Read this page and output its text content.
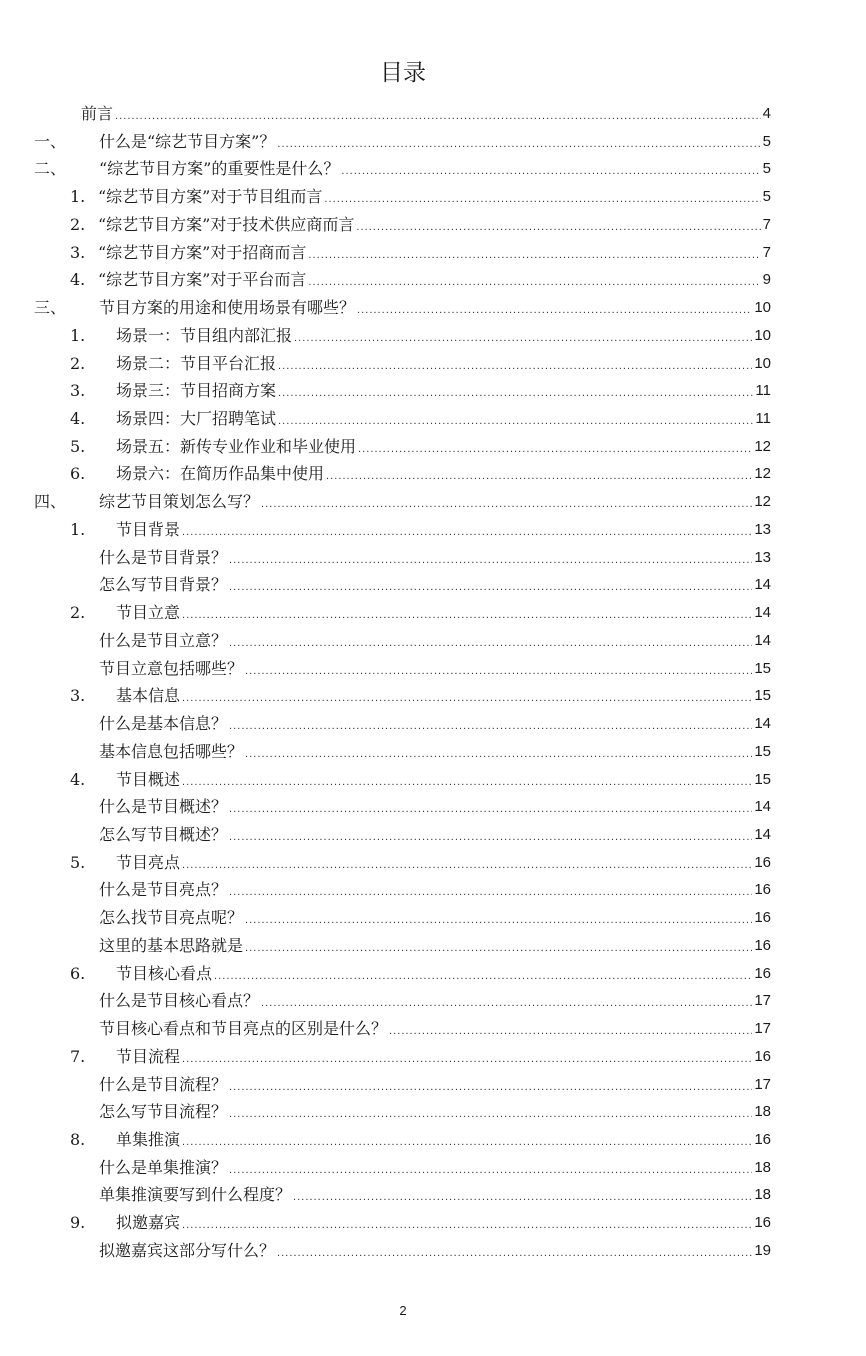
目录
前言 .....	4
一、	什么是“综艺节目方案”？ .....	5
二、	“综艺节目方案”的重要性是什么？ .....	5
1. “综艺节目方案”对于节目组而言 .....	5
2. “综艺节目方案”对于技术供应商而言 .....	7
3. “综艺节目方案”对于招商而言 .....	7
4. “综艺节目方案”对于平台而言 .....	9
三、	节目方案的用途和使用场景有哪些？ .....	10
1.	场景一：节目组内部汇报 .....	10
2.	场景二：节目平台汇报 .....	10
3.	场景三：节目招商方案 .....	11
4.	场景四：大厂招聘笔试 .....	11
5.	场景五：新传专业作业和毕业使用 .....	12
6.	场景六：在简历作品集中使用 .....	12
四、	综艺节目策划怎么写？ .....	12
1.	节目背景 .....	13
什么是节目背景？ .....	13
怎么写节目背景？ .....	14
2.	节目立意 .....	14
什么是节目立意？ .....	14
节目立意包括哪些？ .....	15
3.	基本信息 .....	15
什么是基本信息？ .....	14
基本信息包括哪些？ .....	15
4.	节目概述 .....	15
什么是节目概述？ .....	14
怎么写节目概述？ .....	14
5.	节目亮点 .....	16
什么是节目亮点？ .....	16
怎么找节目亮点呢？ .....	16
这里的基本思路就是 .....	16
6.	节目核心看点 .....	16
什么是节目核心看点？ .....	17
节目核心看点和节目亮点的区别是什么？ .....	17
7.	节目流程 .....	16
什么是节目流程？ .....	17
怎么写节目流程？ .....	18
8.	单集推演 .....	16
什么是单集推演？ .....	18
单集推演要写到什么程度？ .....	18
9.	拟邀嘉宾 .....	16
拟邀嘉宾这部分写什么？ .....	19
2
